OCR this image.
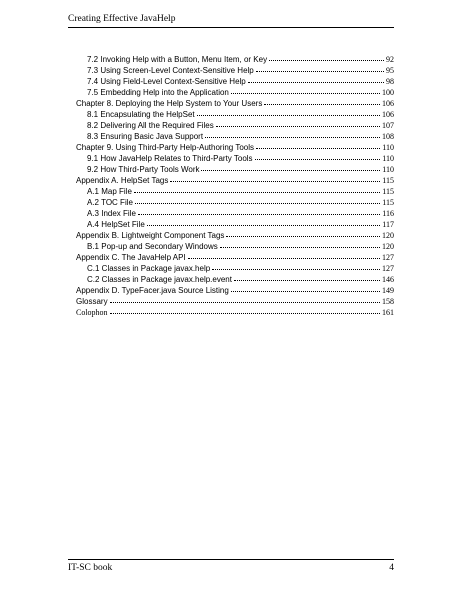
Creating Effective JavaHelp
7.2 Invoking Help with a Button, Menu Item, or Key	92
7.3 Using Screen-Level Context-Sensitive Help	95
7.4 Using Field-Level Context-Sensitive Help	98
7.5 Embedding Help into the Application	100
Chapter 8. Deploying the Help System to Your Users	106
8.1 Encapsulating the HelpSet	106
8.2 Delivering All the Required Files	107
8.3 Ensuring Basic Java Support	108
Chapter 9. Using Third-Party Help-Authoring Tools	110
9.1 How JavaHelp Relates to Third-Party Tools	110
9.2 How Third-Party Tools Work	110
Appendix A. HelpSet Tags	115
A.1 Map File	115
A.2 TOC File	115
A.3 Index File	116
A.4 HelpSet File	117
Appendix B. Lightweight Component Tags	120
B.1 Pop-up and Secondary Windows	120
Appendix C. The JavaHelp API	127
C.1 Classes in Package javax.help	127
C.2 Classes in Package javax.help.event	146
Appendix D. TypeFacer.java Source Listing	149
Glossary	158
Colophon	161
IT-SC book	4
